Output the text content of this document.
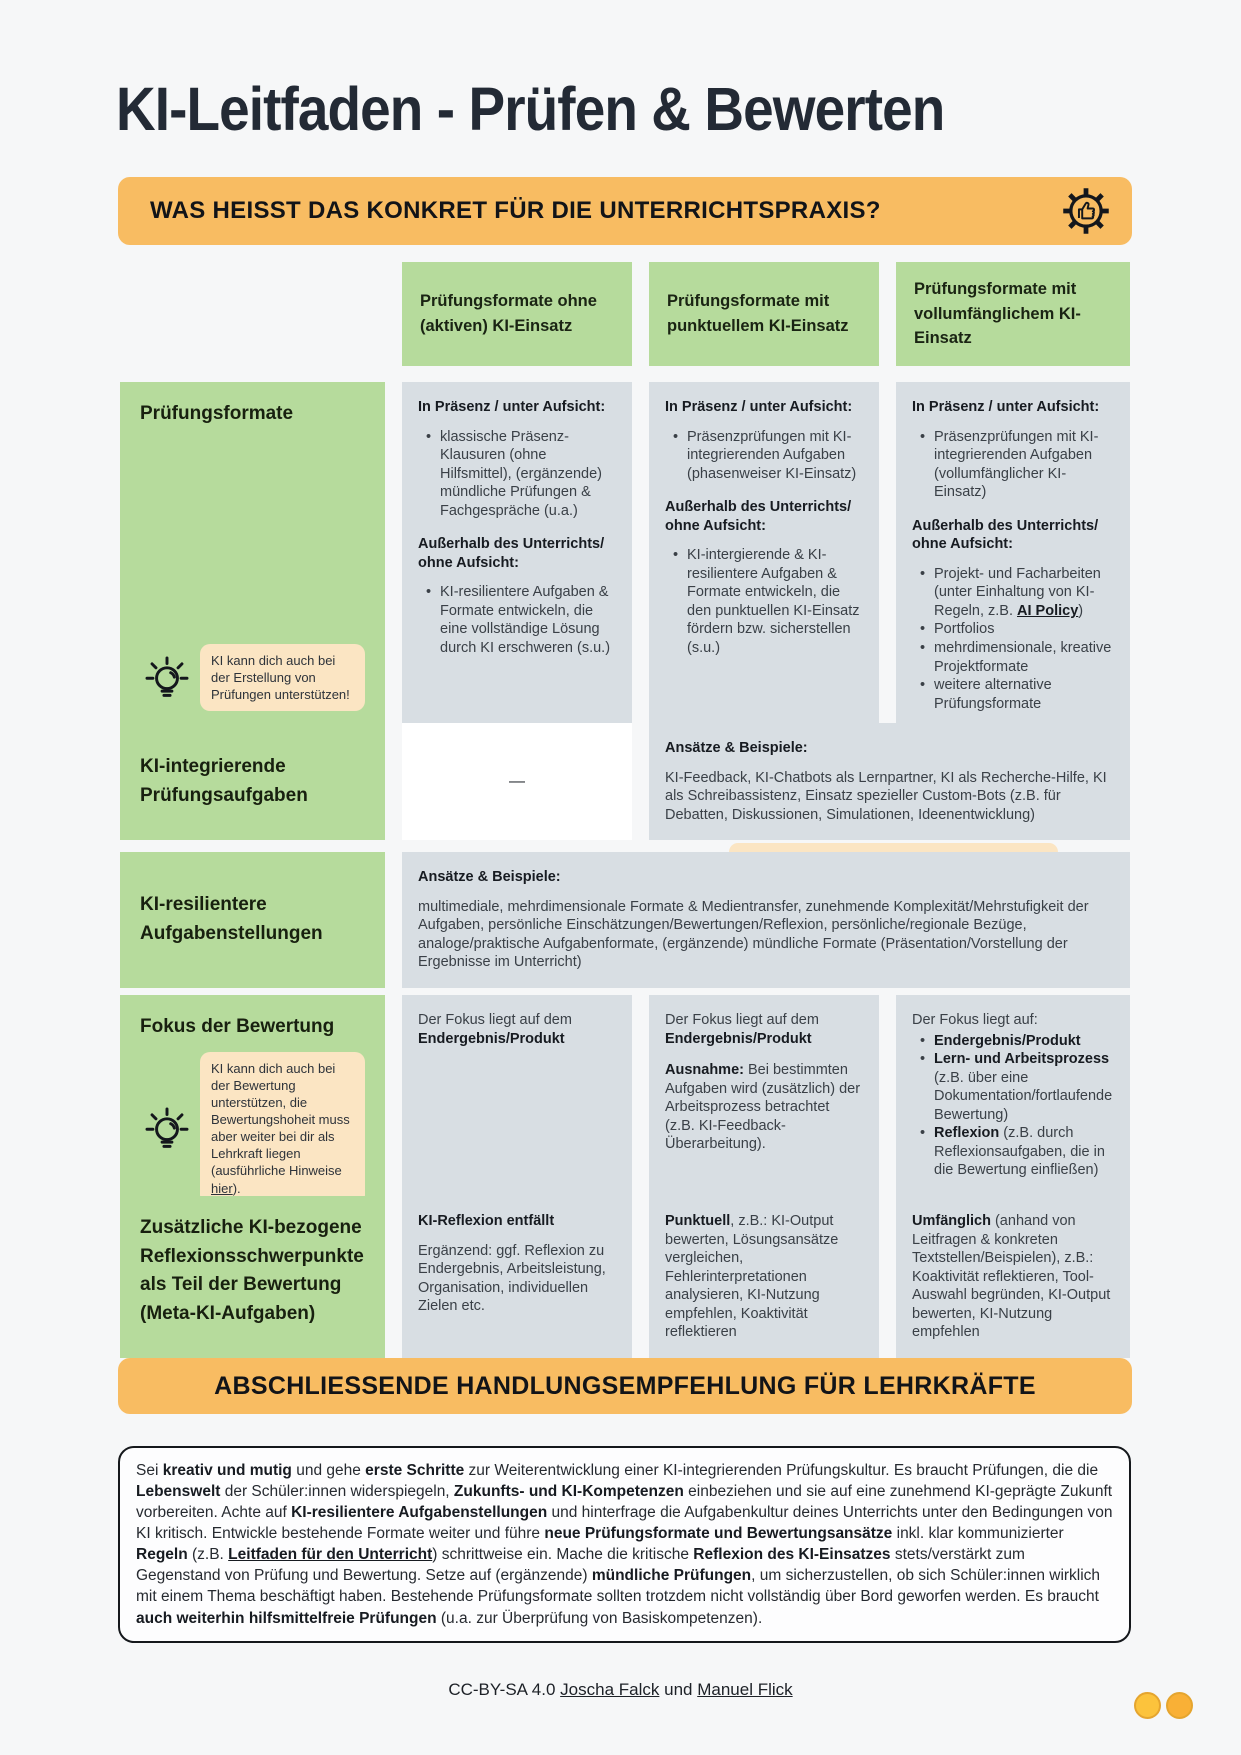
KI-Leitfaden - Prüfen & Bewerten
WAS HEISST DAS KONKRET FÜR DIE UNTERRICHTSPRAXIS?
Prüfungsformate ohne (aktiven) KI-Einsatz
Prüfungsformate mit punktuellem KI-Einsatz
Prüfungsformate mit vollumfänglichem KI-Einsatz
Prüfungsformate
KI kann dich auch bei der Erstellung von Prüfungen unterstützen!
In Präsenz / unter Aufsicht:
• klassische Präsenz-Klausuren (ohne Hilfsmittel), (ergänzende) mündliche Prüfungen & Fachgespräche (u.a.)
Außerhalb des Unterrichts/ ohne Aufsicht:
• KI-resilientere Aufgaben & Formate entwickeln, die eine vollständige Lösung durch KI erschweren (s.u.)
In Präsenz / unter Aufsicht:
• Präsenzprüfungen mit KI-integrierenden Aufgaben (phasenweiser KI-Einsatz)
Außerhalb des Unterrichts/ ohne Aufsicht:
• KI-intergierende & KI-resilientere Aufgaben & Formate entwickeln, die den punktuellen KI-Einsatz fördern bzw. sicherstellen (s.u.)
In Präsenz / unter Aufsicht:
• Präsenzprüfungen mit KI-integrierenden Aufgaben (vollumfänglicher KI-Einsatz)
Außerhalb des Unterrichts/ ohne Aufsicht:
• Projekt- und Facharbeiten (unter Einhaltung von KI-Regeln, z.B. AI Policy)
• Portfolios
• mehrdimensionale, kreative Projektformate
• weitere alternative Prüfungsformate
KI-integrierende Prüfungsaufgaben
—
Ansätze & Beispiele:
KI-Feedback, KI-Chatbots als Lernpartner, KI als Recherche-Hilfe, KI als Schreibassistenz, Einsatz spezieller Custom-Bots (z.B. für Debatten, Diskussionen, Simulationen, Ideenentwicklung)
KI-resilientere Aufgabenstellungen
Ansätze & Beispiele:
multimediale, mehrdimensionale Formate & Medientransfer, zunehmende Komplexität/Mehrstufigkeit der Aufgaben, persönliche Einschätzungen/Bewertungen/Reflexion, persönliche/regionale Bezüge, analoge/praktische Aufgabenformate, (ergänzende) mündliche Formate (Präsentation/Vorstellung der Ergebnisse im Unterricht)
Fokus der Bewertung
KI kann dich auch bei der Bewertung unterstützen, die Bewertungshoheit muss aber weiter bei dir als Lehrkraft liegen (ausführliche Hinweise hier).
Der Fokus liegt auf dem Endergebnis/Produkt
Der Fokus liegt auf dem Endergebnis/Produkt
Ausnahme: Bei bestimmten Aufgaben wird (zusätzlich) der Arbeitsprozess betrachtet (z.B. KI-Feedback-Überarbeitung).
Der Fokus liegt auf:
• Endergebnis/Produkt
• Lern- und Arbeitsprozess (z.B. über eine Dokumentation/fortlaufende Bewertung)
• Reflexion (z.B. durch Reflexionsaufgaben, die in die Bewertung einfließen)
Zusätzliche KI-bezogene Reflexionsschwerpunkte als Teil der Bewertung (Meta-KI-Aufgaben)
KI-Reflexion entfällt
Ergänzend: ggf. Reflexion zu Endergebnis, Arbeitsleistung, Organisation, individuellen Zielen etc.
Punktuell, z.B.: KI-Output bewerten, Lösungsansätze vergleichen, Fehlerinterpretationen analysieren, KI-Nutzung empfehlen, Koaktivität reflektieren
Umfänglich (anhand von Leitfragen & konkreten Textstellen/Beispielen), z.B.: Koaktivität reflektieren, Tool-Auswahl begründen, KI-Output bewerten, KI-Nutzung empfehlen
ABSCHLIESSENDE HANDLUNGSEMPFEHLUNG FÜR LEHRKRÄFTE
Sei kreativ und mutig und gehe erste Schritte zur Weiterentwicklung einer KI-integrierenden Prüfungskultur. Es braucht Prüfungen, die die Lebenswelt der Schüler:innen widerspiegeln, Zukunfts- und KI-Kompetenzen einbeziehen und sie auf eine zunehmend KI-geprägte Zukunft vorbereiten. Achte auf KI-resilientere Aufgabenstellungen und hinterfrage die Aufgabenkultur deines Unterrichts unter den Bedingungen von KI kritisch. Entwickle bestehende Formate weiter und führe neue Prüfungsformate und Bewertungsansätze inkl. klar kommunizierter Regeln (z.B. Leitfaden für den Unterricht) schrittweise ein. Mache die kritische Reflexion des KI-Einsatzes stets/verstärkt zum Gegenstand von Prüfung und Bewertung. Setze auf (ergänzende) mündliche Prüfungen, um sicherzustellen, ob sich Schüler:innen wirklich mit einem Thema beschäftigt haben. Bestehende Prüfungsformate sollten trotzdem nicht vollständig über Bord geworfen werden. Es braucht auch weiterhin hilfsmittelfreie Prüfungen (u.a. zur Überprüfung von Basiskompetenzen).
CC-BY-SA 4.0 Joscha Falck und Manuel Flick
